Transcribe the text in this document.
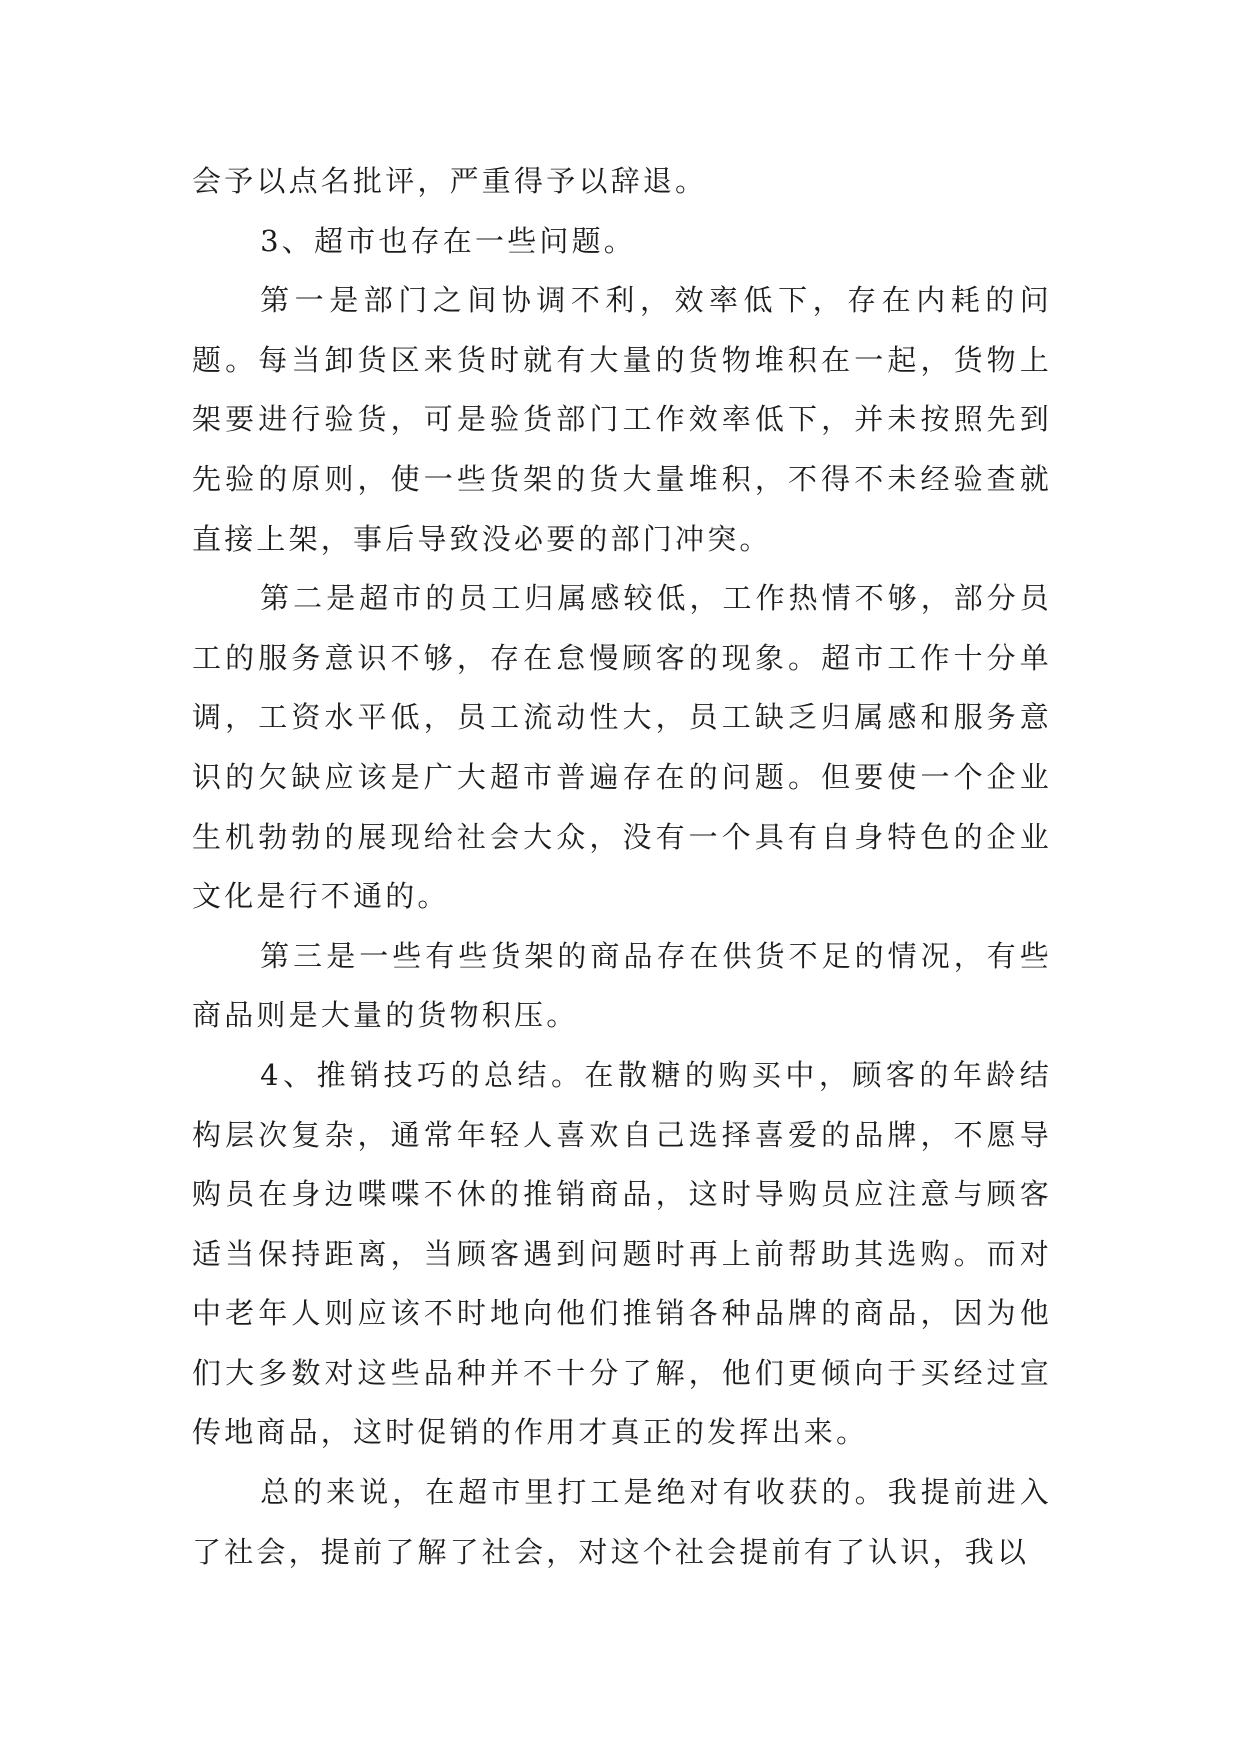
会予以点名批评，严重得予以辞退。

3、超市也存在一些问题。

第一是部门之间协调不利，效率低下，存在内耗的问题。每当卸货区来货时就有大量的货物堆积在一起，货物上架要进行验货，可是验货部门工作效率低下，并未按照先到先验的原则，使一些货架的货大量堆积，不得不未经验查就直接上架，事后导致没必要的部门冲突。

第二是超市的员工归属感较低，工作热情不够，部分员工的服务意识不够，存在怠慢顾客的现象。超市工作十分单调，工资水平低，员工流动性大，员工缺乏归属感和服务意识的欠缺应该是广大超市普遍存在的问题。但要使一个企业生机勃勃的展现给社会大众，没有一个具有自身特色的企业文化是行不通的。

第三是一些有些货架的商品存在供货不足的情况，有些商品则是大量的货物积压。

4、推销技巧的总结。在散糖的购买中，顾客的年龄结构层次复杂，通常年轻人喜欢自己选择喜爱的品牌，不愿导购员在身边喋喋不休的推销商品，这时导购员应注意与顾客适当保持距离，当顾客遇到问题时再上前帮助其选购。而对中老年人则应该不时地向他们推销各种品牌的商品，因为他们大多数对这些品种并不十分了解，他们更倾向于买经过宣传地商品，这时促销的作用才真正的发挥出来。

总的来说，在超市里打工是绝对有收获的。我提前进入了社会，提前了解了社会，对这个社会提前有了认识，我以
